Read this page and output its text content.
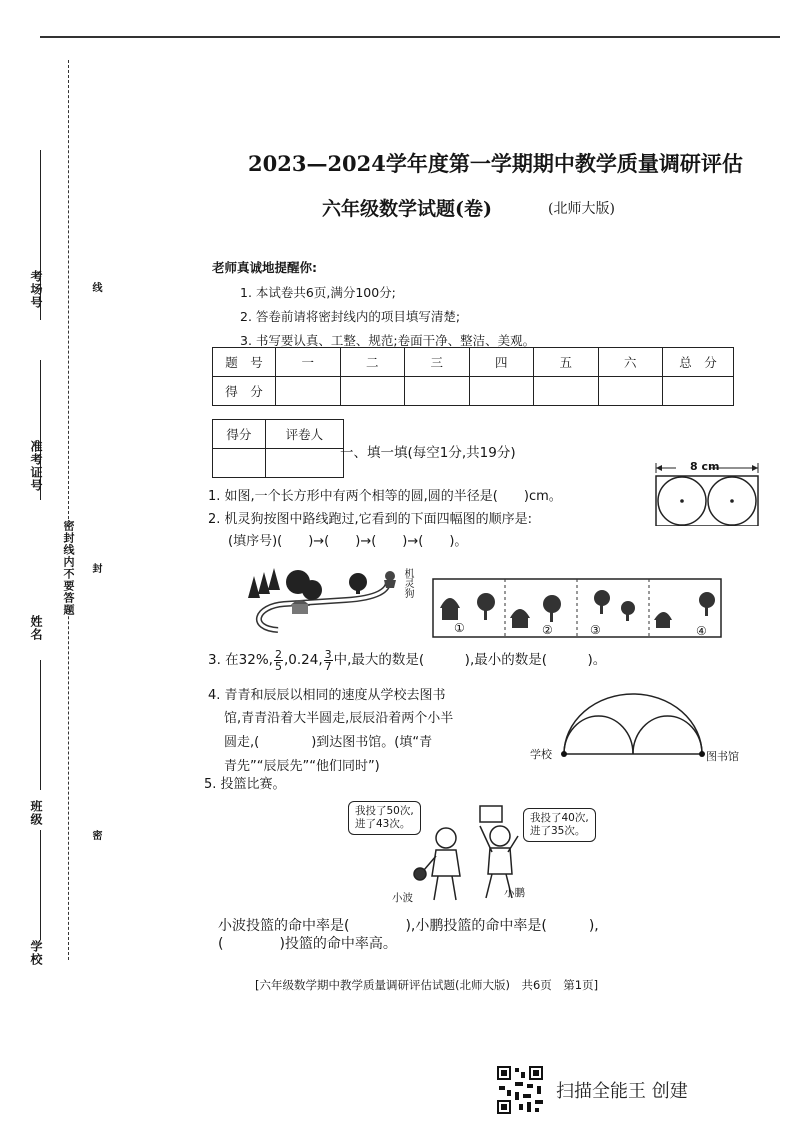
考场号
准考证号
姓名
班级
学校
密封线内不要答题
线
封
密
2023—2024学年度第一学期期中教学质量调研评估
六年级数学试题(卷)	(北师大版)
老师真诚地提醒你:
1. 本试卷共6页,满分100分;
2. 答卷前请将密封线内的项目填写清楚;
3. 书写要认真、工整、规范;卷面干净、整洁、美观。
题　号	一	二	三	四	五	六	总　分
得　分							
得分	评卷人

一、填一填(每空1分,共19分)
1. 如图,一个长方形中有两个相等的圆,圆的半径是(　　)cm。
8 cm
2. 机灵狗按图中路线跑过,它看到的下面四幅图的顺序是:
(填序号)(　　)→(　　)→(　　)→(　　)。
机灵狗
①	②	③	④
3. 在32%, $\frac{2}{5} ,0.24$, $\frac{3}{7}$ 中,最大的数是(　　　),最小的数是(　　　)。
4. 青青和辰辰以相同的速度从学校去图书
馆,青青沿着大半圆走,辰辰沿着两个小半
圆走,(　　　　)到达图书馆。(填“青
青先”“辰辰先”“他们同时”)
学校	图书馆
5. 投篮比赛。
我投了50次,
进了43次。	我投了40次,
进了35次。
小波	小鹏
小波投篮的命中率是(　　　　),小鹏投篮的命中率是(　　　),
(　　　　)投篮的命中率高。
[六年级数学期中教学质量调研评估试题(北师大版)　共6页　第1页]
扫描全能王 创建
